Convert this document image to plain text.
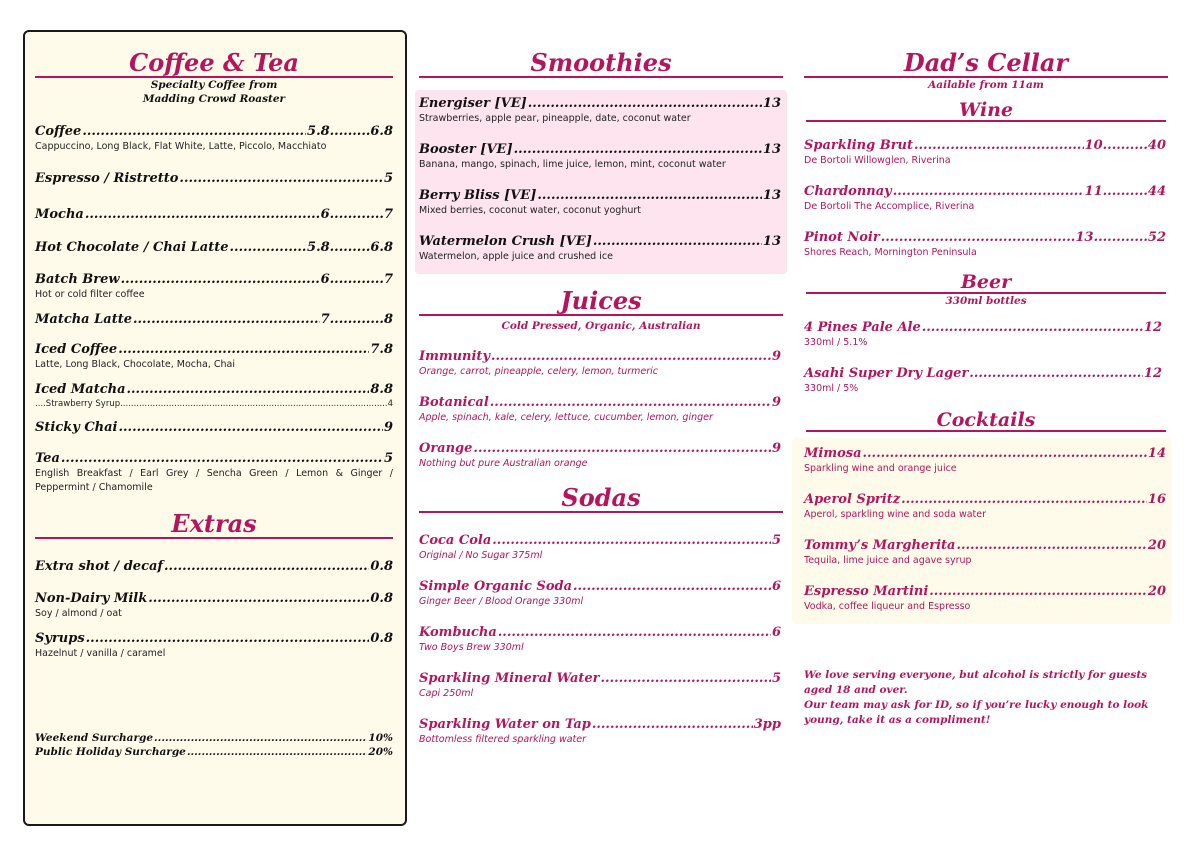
Coffee & Tea
Specialty Coffee from
Madding Crowd Roaster
Coffee .....	5.8.........6.8
Cappuccino, Long Black, Flat White, Latte, Piccolo, Macchiato
Espresso / Ristretto .....	5
Mocha .....	6............7
Hot Chocolate / Chai Latte .....	5.8.........6.8
Batch Brew .....	6............7
Hot or cold filter coffee
Matcha Latte .....	7............8
Iced Coffee .....	7.8
Latte, Long Black, Chocolate, Mocha, Chai
Iced Matcha .....	8.8
....Strawberry Syrup .....	4
Sticky Chai .....	9
Tea .....	5
English Breakfast / Earl Grey / Sencha Green / Lemon & Ginger / Peppermint / Chamomile
Extras
Extra shot / decaf .....	0.8
Non-Dairy Milk .....	0.8
Soy / almond / oat
Syrups .....	0.8
Hazelnut / vanilla / caramel
Weekend Surcharge .....	10%
Public Holiday Surcharge .....	20%
Smoothies
Energiser [VE] .....	13
Strawberries, apple pear, pineapple, date, coconut water
Booster [VE] .....	13
Banana, mango, spinach, lime juice, lemon, mint, coconut water
Berry Bliss [VE] .....	13
Mixed berries, coconut water, coconut yoghurt
Watermelon Crush [VE] .....	13
Watermelon, apple juice and crushed ice
Juices
Cold Pressed, Organic, Australian
Immunity .....	9
Orange, carrot, pineapple, celery, lemon, turmeric
Botanical .....	9
Apple, spinach, kale, celery, lettuce, cucumber, lemon, ginger
Orange .....	9
Nothing but pure Australian orange
Sodas
Coca Cola .....	5
Original / No Sugar 375ml
Simple Organic Soda .....	6
Ginger Beer / Blood Orange 330ml
Kombucha .....	6
Two Boys Brew 330ml
Sparkling Mineral Water .....	5
Capi 250ml
Sparkling Water on Tap .....	3pp
Bottomless filtered sparkling water
Dad’s Cellar
Aailable from 11am
Wine
Sparkling Brut .....	10..........40
De Bortoli Willowglen, Riverina
Chardonnay .....	11..........44
De Bortoli The Accomplice, Riverina
Pinot Noir .....	13............52
Shores Reach, Mornington Peninsula
Beer
330ml bottles
4 Pines Pale Ale .....	12
330ml / 5.1%
Asahi Super Dry Lager .....	12
330ml / 5%
Cocktails
Mimosa .....	14
Sparkling wine and orange juice
Aperol Spritz .....	16
Aperol, sparkling wine and soda water
Tommy’s Margherita .....	20
Tequila, lime juice and agave syrup
Espresso Martini .....	20
Vodka, coffee liqueur and Espresso
We love serving everyone, but alcohol is strictly for guests aged 18 and over.
Our team may ask for ID, so if you’re lucky enough to look young, take it as a compliment!
